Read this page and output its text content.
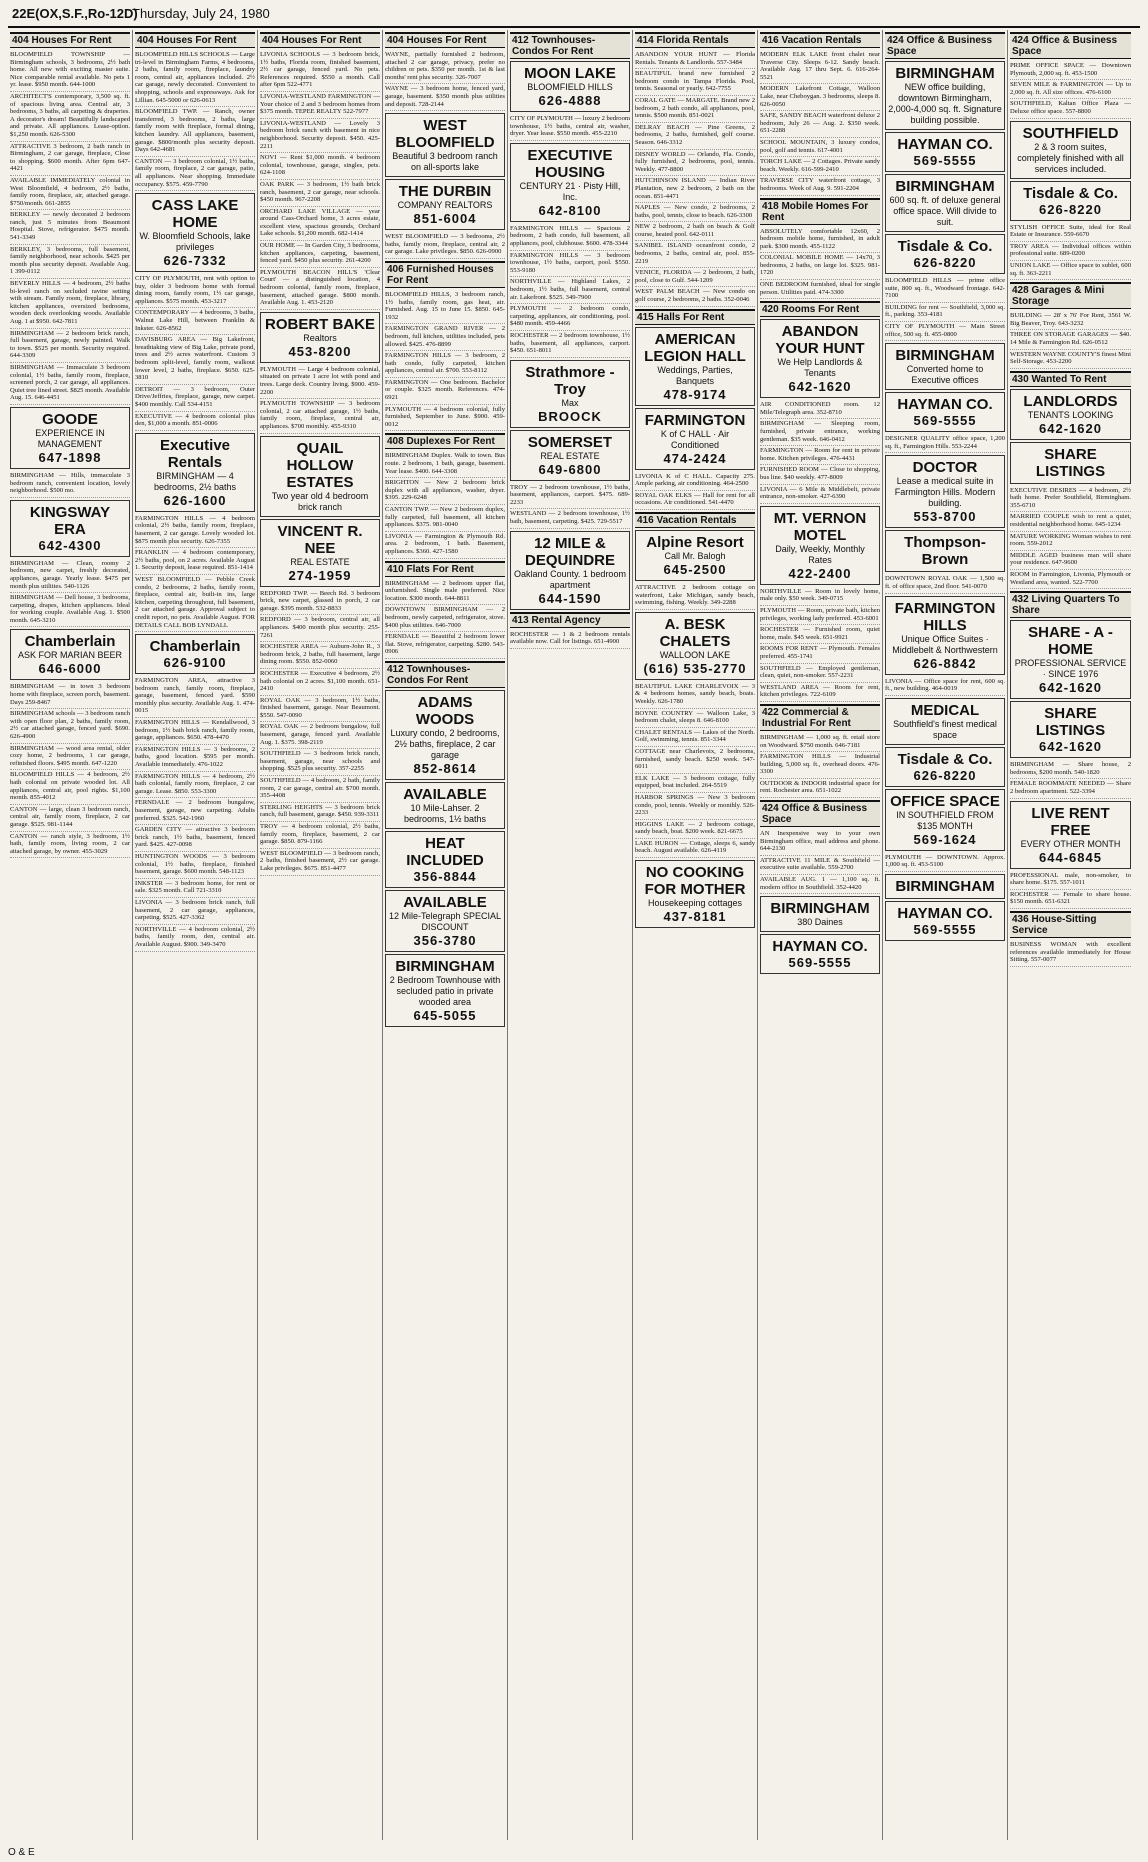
22E(OX,S.F.,Ro-12D)
Thursday, July 24, 1980
404 Houses For Rent
BLOOMFIELD TOWNSHIP — Birmingham schools, 3 bedrooms, 2½ bath home. All new with exciting master suite. Nice comparable rental available. No pets 1 yr. lease. $950 month. 644-1000
ARCHITECT'S contemporary, 3,500 sq. ft. of spacious living area. Central air, 3 bedrooms, 3 baths, all carpeting & draperies. A decorator's dream! Beautifully landscaped and private. All appliances. Lease-option. $1,250 month. 626-5300
ATTRACTIVE 3 bedroom, 2 bath ranch in Birmingham, 2 car garage, fireplace, Close to shopping. $600 month. After 6pm 647-4421
AVAILABLE IMMEDIATELY colonial in West Bloomfield, 4 bedroom, 2½ baths, family room, fireplace, air, attached garage. $750/month. 661-2855
BERKLEY — newly decorated 2 bedroom ranch, just 5 minutes from Beaumont Hospital. Stove, refrigerator. $475 month. 541-3349
BERKLEY, 3 bedrooms, full basement, family neighborhood, near schools. $425 per month plus security deposit. Available Aug. 1 399-0112
BEVERLY HILLS — 4 bedroom, 2½ baths bi-level ranch on secluded ravine setting with stream. Family room, fireplace, library, kitchen appliances, oversized bedrooms, wooden deck overlooking woods. Available Aug. 1 at $950. 642-7811
BIRMINGHAM — 2 bedroom brick ranch, full basement, garage, newly painted. Walk to town. $525 per month. Security required. 644-3309
BIRMINGHAM — Immaculate 3 bedroom colonial, 1½ baths, family room, fireplace, screened porch, 2 car garage, all appliances. Quiet tree lined street. $825 month. Available Aug. 15. 646-4451
GOODE
EXPERIENCE IN MANAGEMENT
647-1898
BIRMINGHAM — Hills, immaculate 3 bedroom ranch, convenient location, lovely neighborhood. $500 mo.
KINGSWAY ERA
642-4300
BIRMINGHAM — Clean, roomy 2 bedroom, new carpet, freshly decorated, appliances, garage. Yearly lease. $475 per month plus utilities. 540-1126
BIRMINGHAM — Dell house, 3 bedrooms, carpeting, drapes, kitchen appliances. Ideal for working couple. Available Aug. 1. $500 month. 645-3210
Chamberlain
ASK FOR MARIAN BEER
646-6000
BIRMINGHAM — in town 3 bedroom home with fireplace, screen porch, basement. Days 259-8467
BIRMINGHAM schools — 3 bedroom ranch with open floor plan, 2 baths, family room, 2½ car attached garage, fenced yard. $690. 626-4900
BIRMINGHAM — wood area rental, older cozy home, 2 bedrooms, 1 car garage, refinished floors. $495 month. 647-1220
BLOOMFIELD HILLS — 4 bedroom, 2½ bath colonial on private wooded lot. All appliances, central air, pool rights. $1,100 month. 855-4012
CANTON — large, clean 3 bedroom ranch, central air, family room, fireplace, 2 car garage. $525. 981-1144
CANTON — ranch style, 3 bedroom, 1½ bath, family room, living room, 2 car attached garage, by owner. 455-3029
404 Houses For Rent
BLOOMFIELD HILLS SCHOOLS — Large tri-level in Birmingham Farms, 4 bedrooms, 2 baths, family room, fireplace, laundry room, central air, appliances included. 2½ car garage, newly decorated. Convenient to shopping, schools and expressways. Ask for Lillian. 645-5000 or 626-0613
BLOOMFIELD TWP. — Ranch, owner transferred, 3 bedrooms, 2 baths, large family room with fireplace, formal dining, kitchen laundry. All appliances, basement, garage. $800/month plus security deposit. Days 642-4681
CANTON — 3 bedroom colonial, 1½ baths, family room, fireplace, 2 car garage, patio, all appliances. Near shopping. Immediate occupancy. $575. 459-7790
CASS LAKE HOME
W. Bloomfield Schools, lake privileges
626-7332
CITY OF PLYMOUTH, rent with option to buy, older 3 bedroom home with formal dining room, family room, 1½ car garage, appliances. $575 month. 453-3217
CONTEMPORARY — 4 bedrooms, 3 baths, Walnut Lake Hill, between Franklin & Inkster. 626-8562
DAVISBURG AREA — Big Lakefront, breathtaking view of Big Lake, private pond, trees and 2½ acres waterfront. Custom 3 bedroom split-level, family room, walkout lower level, 2 baths, fireplace. $650. 625-3810
DETROIT — 3 bedroom, Outer Drive/Jeffries, fireplace, garage, new carpet. $400 monthly. Call 534-4151
EXECUTIVE — 4 bedroom colonial plus den, $1,000 a month. 851-0006
Executive Rentals
BIRMINGHAM — 4 bedrooms, 2½ baths
626-1600
FARMINGTON HILLS — 4 bedroom colonial, 2½ baths, family room, fireplace, basement, 2 car garage. Lovely wooded lot. $875 month plus security. 626-7355
FRANKLIN — 4 bedroom contemporary, 2½ baths, pool, on 2 acres. Available August 1. Security deposit, lease required. 851-1414
WEST BLOOMFIELD — Pebble Creek condo, 2 bedrooms, 2 baths, family room, fireplace, central air, built-in ins, large kitchen, carpeting throughout, full basement, 2 car attached garage. Approval subject to credit report, no pets. Available August. FOR DETAILS CALL BOB LYNDALL
Chamberlain
626-9100
FARMINGTON AREA, attractive 3 bedroom ranch, family room, fireplace, garage, basement, fenced yard. $590 monthly plus security. Available Aug. 1. 474-0015
FARMINGTON HILLS — Kendallwood, 3 bedroom, 1½ bath brick ranch, family room, garage, appliances. $650. 478-4470
FARMINGTON HILLS — 3 bedrooms, 2 baths, good location. $595 per month. Available immediately. 476-1022
FARMINGTON HILLS — 4 bedroom, 2½ bath colonial, family room, fireplace, 2 car garage. Lease. $850. 553-3300
FERNDALE — 2 bedroom bungalow, basement, garage, new carpeting. Adults preferred. $325. 542-1960
GARDEN CITY — attractive 3 bedroom brick ranch, 1½ baths, basement, fenced yard. $425. 427-0098
HUNTINGTON WOODS — 3 bedroom colonial, 1½ baths, fireplace, finished basement, garage. $600 month. 548-1123
INKSTER — 3 bedroom home, for rent or sale. $325 month. Call 721-3310
LIVONIA — 3 bedroom brick ranch, full basement, 2 car garage, appliances, carpeting. $525. 427-3362
NORTHVILLE — 4 bedroom colonial, 2½ baths, family room, den, central air. Available August. $900. 349-3470
404 Houses For Rent
LIVONIA SCHOOLS — 3 bedroom brick, 1½ baths, Florida room, finished basement, 2½ car garage, fenced yard. No pets. References required. $550 a month. Call after 6pm 522-4771
LIVONIA-WESTLAND FARMINGTON — Your choice of 2 and 3 bedroom homes from $375 month. TEPEE REALTY 522-7977
LIVONIA-WESTLAND — Lovely 3 bedroom brick ranch with basement in nice neighborhood. Security deposit. $450. 425-2211
NOVI — Rent $1,000 month. 4 bedroom colonial, townhouse, garage, singles, pets. 624-1108
OAK PARK — 3 bedroom, 1½ bath brick ranch, basement, 2 car garage, near schools. $450 month. 967-2208
ORCHARD LAKE VILLAGE — year around Cass-Orchard home, 3 acres estate, excellent view, spacious grounds, Orchard Lake schools. $1,200 month. 682-1414
OUR HOME — In Garden City, 3 bedrooms, kitchen appliances, carpeting, basement, fenced yard. $450 plus security. 261-4200
PLYMOUTH BEACON HILL'S 'Clear Court' — a distinguished location, 4 bedroom colonial, family room, fireplace, basement, attached garage. $800 month. Available Aug. 1. 453-2120
ROBERT BAKE
Realtors
453-8200
PLYMOUTH — Large 4 bedroom colonial, situated on private 1 acre lot with pond and trees. Large deck. Country living. $900. 459-2200
PLYMOUTH TOWNSHIP — 3 bedroom colonial, 2 car attached garage, 1½ baths, family room, fireplace, central air, appliances. $700 monthly. 455-9310
QUAIL HOLLOW ESTATES
Two year old 4 bedroom brick ranch
VINCENT R. NEE
REAL ESTATE
274-1959
REDFORD TWP. — Beech Rd. 3 bedroom brick, new carpet, glassed in porch, 2 car garage. $395 month. 532-8833
REDFORD — 3 bedroom, central air, all appliances. $400 month plus security. 255-7261
ROCHESTER AREA — Auburn-John R., 3 bedroom brick, 2 baths, full basement, large dining room. $550. 852-0060
ROCHESTER — Executive 4 bedroom, 2½ bath colonial on 2 acres. $1,100 month. 651-2410
ROYAL OAK — 3 bedroom, 1½ baths, finished basement, garage. Near Beaumont. $550. 547-0090
ROYAL OAK — 2 bedroom bungalow, full basement, garage, fenced yard. Available Aug. 1. $375. 398-2119
SOUTHFIELD — 3 bedroom brick ranch, basement, garage, near schools and shopping. $525 plus security. 357-2255
SOUTHFIELD — 4 bedroom, 2 bath, family room, 2 car garage, central air. $700 month. 355-4408
STERLING HEIGHTS — 3 bedroom brick ranch, full basement, garage. $450. 939-3311
TROY — 4 bedroom colonial, 2½ baths, family room, fireplace, basement, 2 car garage. $850. 879-1166
WEST BLOOMFIELD — 3 bedroom ranch, 2 baths, finished basement, 2½ car garage. Lake privileges. $675. 851-4477
404 Houses For Rent
WAYNE, partially furnished 2 bedroom, attached 2 car garage, privacy, prefer no children or pets. $350 per month. 1st & last months' rent plus security. 326-7007
WAYNE — 3 bedroom home, fenced yard, garage, basement. $350 month plus utilities and deposit. 728-2144
WEST BLOOMFIELD
Beautiful 3 bedroom ranch on all-sports lake
THE DURBIN
COMPANY REALTORS
851-6004
WEST BLOOMFIELD — 3 bedrooms, 2½ baths, family room, fireplace, central air, 2 car garage. Lake privileges. $850. 626-0900
406 Furnished Houses For Rent
BLOOMFIELD HILLS, 3 bedroom ranch, 1½ baths, family room, gas heat, air. Furnished. Aug. 15 to June 15. $850. 645-1932
FARMINGTON GRAND RIVER — 2 bedroom, full kitchen, utilities included, pets allowed. $425. 476-8899
FARMINGTON HILLS — 3 bedroom, 2 bath condo, fully carpeted, kitchen appliances, central air. $700. 553-8112
FARMINGTON — One bedroom. Bachelor or couple. $325 month. References. 474-6921
PLYMOUTH — 4 bedroom colonial, fully furnished, September to June. $900. 459-0012
408 Duplexes For Rent
BIRMINGHAM Duplex. Walk to town. Bus route. 2 bedroom, 1 bath, garage, basement. Year lease. $400. 644-3308
BRIGHTON — New 2 bedroom brick duplex with all appliances, washer, dryer. $395. 229-6248
CANTON TWP. — New 2 bedroom duplex, fully carpeted, full basement, all kitchen appliances. $375. 981-0040
LIVONIA — Farmington & Plymouth Rd. area. 2 bedroom, 1 bath. Basement, appliances. $360. 427-1580
410 Flats For Rent
BIRMINGHAM — 2 bedroom upper flat, unfurnished. Single male preferred. Nice location. $300 month. 644-8811
DOWNTOWN BIRMINGHAM — 2 bedroom, newly carpeted, refrigerator, stove. $400 plus utilities. 646-7000
FERNDALE — Beautiful 2 bedroom lower flat. Stove, refrigerator, carpeting. $280. 543-0906
412 Townhouses-Condos For Rent
ADAMS WOODS
Luxury condo, 2 bedrooms, 2½ baths, fireplace, 2 car garage
852-8614
AVAILABLE
10 Mile-Lahser. 2 bedrooms, 1½ baths
HEAT INCLUDED
356-8844
AVAILABLE
12 Mile-Telegraph SPECIAL DISCOUNT
356-3780
BIRMINGHAM
2 Bedroom Townhouse with secluded patio in private wooded area
645-5055
412 Townhouses-Condos For Rent
MOON LAKE
BLOOMFIELD HILLS
626-4888
CITY OF PLYMOUTH — luxury 2 bedroom townhouse, 1½ baths, central air, washer, dryer. Year lease. $550 month. 455-2210
EXECUTIVE HOUSING
CENTURY 21 · Pisty Hill, Inc.
642-8100
FARMINGTON HILLS — Spacious 2 bedroom, 2 bath condo, full basement, all appliances, pool, clubhouse. $600. 478-3344
FARMINGTON HILLS — 3 bedroom townhouse, 1½ baths, carport, pool. $550. 553-9180
NORTHVILLE — Highland Lakes, 2 bedroom, 1½ baths, full basement, central air. Lakefront. $525. 349-7900
PLYMOUTH — 2 bedroom condo, carpeting, appliances, air conditioning, pool. $480 month. 459-4466
ROCHESTER — 2 bedroom townhouse, 1½ baths, basement, all appliances, carport. $450. 651-8011
Strathmore - Troy
Max
BROOCK
SOMERSET
REAL ESTATE
649-6800
TROY — 2 bedroom townhouse, 1½ baths, basement, appliances, carport. $475. 689-2233
WESTLAND — 2 bedroom townhouse, 1½ bath, basement, carpeting. $425. 729-5517
12 MILE & DEQUINDRE
Oakland County. 1 bedroom apartment
644-1590
413 Rental Agency
ROCHESTER — 1 & 2 bedroom rentals available now. Call for listings. 651-4900
414 Florida Rentals
ABANDON YOUR HUNT — Florida Rentals. Tenants & Landlords. 557-3484
BEAUTIFUL brand new furnished 2 bedroom condo in Tampa Florida. Pool, tennis. Seasonal or yearly. 642-7755
CORAL GATE — MARGATE. Brand new 2 bedroom, 2 bath condo, all appliances, pool, tennis. $500 month. 851-0021
DELRAY BEACH — Pine Greens, 2 bedrooms, 2 baths, furnished, golf course. Season. 646-3312
DISNEY WORLD — Orlando, Fla. Condo, fully furnished, 2 bedrooms, pool, tennis. Weekly. 477-8800
HUTCHINSON ISLAND — Indian River Plantation, new 2 bedroom, 2 bath on the ocean. 851-4471
NAPLES — New condo, 2 bedrooms, 2 baths, pool, tennis, close to beach. 626-3300
NEW 2 bedroom, 2 bath on beach & Golf course, heated pool. 642-0111
SANIBEL ISLAND oceanfront condo, 2 bedrooms, 2 baths, central air, pool. 855-2219
VENICE, FLORIDA — 2 bedroom, 2 bath, pool, close to Gulf. 544-1209
WEST PALM BEACH — New condo on golf course, 2 bedrooms, 2 baths. 352-0046
415 Halls For Rent
AMERICAN LEGION HALL
Weddings, Parties, Banquets
478-9174
FARMINGTON
K of C HALL · Air Conditioned
474-2424
LIVONIA K of C HALL. Capacity 275. Ample parking, air conditioning. 464-2500
ROYAL OAK ELKS — Hall for rent for all occasions. Air conditioned. 541-4470
416 Vacation Rentals
Alpine Resort
Call Mr. Balogh
645-2500
ATTRACTIVE 2 bedroom cottage on waterfront, Lake Michigan, sandy beach, swimming, fishing. Weekly. 349-2288
A. BESK CHALETS
WALLOON LAKE
(616) 535-2770
BEAUTIFUL LAKE CHARLEVOIX — 3 & 4 bedroom homes, sandy beach, boats. Weekly. 626-1780
BOYNE COUNTRY — Walloon Lake, 3 bedroom chalet, sleeps 8. 646-8100
CHALET RENTALS — Lakes of the North. Golf, swimming, tennis. 851-3344
COTTAGE near Charlevoix, 2 bedrooms, furnished, sandy beach. $250 week. 547-6011
ELK LAKE — 3 bedroom cottage, fully equipped, boat included. 264-5519
HARBOR SPRINGS — New 3 bedroom condo, pool, tennis. Weekly or monthly. 526-2233
HIGGINS LAKE — 2 bedroom cottage, sandy beach, boat. $200 week. 821-6675
LAKE HURON — Cottage, sleeps 6, sandy beach. August available. 626-4119
NO COOKING FOR MOTHER
Housekeeping cottages
437-8181
416 Vacation Rentals
MODERN ELK LAKE front chalet near Traverse City. Sleeps 6-12. Sandy beach. Available Aug. 17 thru Sept. 6. 616-264-5521
MODERN Lakefront Cottage, Walloon Lake, near Cheboygan. 3 bedrooms, sleeps 8. 626-0050
SAFE, SANDY BEACH waterfront deluxe 2 bedroom, July 26 — Aug. 2. $350 week. 651-2288
SCHOOL MOUNTAIN, 3 luxury condos, pool, golf and tennis. 617-4001
TORCH LAKE — 2 Cottages. Private sandy beach. Weekly. 616-599-2410
TRAVERSE CITY waterfront cottage, 3 bedrooms. Week of Aug. 9. 591-2204
418 Mobile Homes For Rent
ABSOLUTELY comfortable 12x60, 2 bedroom mobile home, furnished, in adult park. $300 month. 455-1122
COLONIAL MOBILE HOME — 14x70, 3 bedrooms, 2 baths, on large lot. $325. 981-1720
ONE BEDROOM furnished, ideal for single person. Utilities paid. 474-3300
420 Rooms For Rent
ABANDON YOUR HUNT
We Help Landlords & Tenants
642-1620
AIR CONDITIONED room. 12 Mile/Telegraph area. 352-8710
BIRMINGHAM — Sleeping room, furnished, private entrance, working gentleman. $35 week. 646-0412
FARMINGTON — Room for rent in private home. Kitchen privileges. 476-4431
FURNISHED ROOM — Close to shopping, bus line. $40 weekly. 477-8009
LIVONIA — 6 Mile & Middlebelt, private entrance, non-smoker. 427-6390
MT. VERNON MOTEL
Daily, Weekly, Monthly Rates
422-2400
NORTHVILLE — Room in lovely home, male only. $50 week. 349-0715
PLYMOUTH — Room, private bath, kitchen privileges, working lady preferred. 453-6001
ROCHESTER — Furnished room, quiet home, male. $45 week. 651-9921
ROOMS FOR RENT — Plymouth. Females preferred. 455-1741
SOUTHFIELD — Employed gentleman, clean, quiet, non-smoker. 557-2231
WESTLAND AREA — Room for rent, kitchen privileges. 722-6109
422 Commercial & Industrial For Rent
BIRMINGHAM — 1,000 sq. ft. retail store on Woodward. $750 month. 646-7181
FARMINGTON HILLS — Industrial building, 5,000 sq. ft., overhead doors. 476-3300
OUTDOOR & INDOOR industrial space for rent. Rochester area. 651-1022
424 Office & Business Space
AN Inexpensive way to your own Birmingham office, mail address and phone. 644-2130
ATTRACTIVE 11 MILE & Southfield — executive suite available. 559-2700
AVAILABLE AUG. 1 — 1,100 sq. ft. modern office in Southfield. 352-4420
BIRMINGHAM
380 Daines
HAYMAN CO.
569-5555
424 Office & Business Space
BIRMINGHAM
NEW office building, downtown Birmingham, 2,000-4,000 sq. ft. Signature building possible.
HAYMAN CO.
569-5555
BIRMINGHAM
600 sq. ft. of deluxe general office space. Will divide to suit.
Tisdale & Co.
626-8220
BLOOMFIELD HILLS — prime office suite, 800 sq. ft., Woodward frontage. 642-7100
BUILDING for rent — Southfield, 3,000 sq. ft., parking. 353-4181
CITY OF PLYMOUTH — Main Street office, 500 sq. ft. 455-0800
BIRMINGHAM
Converted home to Executive offices
HAYMAN CO.
569-5555
DESIGNER QUALITY office space, 1,200 sq. ft., Farmington Hills. 553-2244
DOCTOR
Lease a medical suite in Farmington Hills. Modern building.
553-8700
Thompson-Brown
DOWNTOWN ROYAL OAK — 1,500 sq. ft. of office space, 2nd floor. 541-0070
FARMINGTON HILLS
Unique Office Suites · Middlebelt & Northwestern
626-8842
LIVONIA — Office space for rent, 600 sq. ft., new building. 464-0019
MEDICAL
Southfield's finest medical space
Tisdale & Co.
626-8220
OFFICE SPACE
IN SOUTHFIELD FROM $135 MONTH
569-1624
PLYMOUTH — DOWNTOWN. Approx. 1,000 sq. ft. 453-5100
BIRMINGHAM
HAYMAN CO.
569-5555
424 Office & Business Space
PRIME OFFICE SPACE — Downtown Plymouth, 2,000 sq. ft. 453-1500
SEVEN MILE & FARMINGTON — Up to 2,000 sq. ft. All size offices. 476-6100
SOUTHFIELD, Kaltan Office Plaza — Deluxe office space. 557-8800
SOUTHFIELD
2 & 3 room suites, completely finished with all services included.
Tisdale & Co.
626-8220
STYLISH OFFICE Suite, ideal for Real Estate or Insurance. 559-6670
TROY AREA — Individual offices within professional suite. 689-0200
UNION LAKE — Office space to sublet, 600 sq. ft. 363-2211
428 Garages & Mini Storage
BUILDING — 28' x 76' For Rent, 3561 W. Big Beaver, Troy. 643-3232
THREE ON STORAGE GARAGES — $40. 14 Mile & Farmington Rd. 626-0512
WESTERN WAYNE COUNTY'S finest Mini Self-Storage. 453-2200
430 Wanted To Rent
LANDLORDS
TENANTS LOOKING
642-1620
SHARE LISTINGS
EXECUTIVE DESIRES — 4 bedroom, 2½ bath home. Prefer Southfield, Birmingham. 355-6710
MARRIED COUPLE wish to rent a quiet, residential neighborhood home. 645-1234
MATURE WORKING Woman wishes to rent room. 559-2012
MIDDLE AGED business man will share your residence. 647-9600
ROOM in Farmington, Livonia, Plymouth or Westland area, wanted. 522-7700
432 Living Quarters To Share
SHARE - A - HOME
PROFESSIONAL SERVICE · SINCE 1976
642-1620
SHARE LISTINGS
642-1620
BIRMINGHAM — Share house, 2 bedrooms, $200 month. 540-1820
FEMALE ROOMMATE NEEDED — Share 2 bedroom apartment. 522-3394
LIVE RENT FREE
EVERY OTHER MONTH
644-6845
PROFESSIONAL male, non-smoker, to share home. $175. 557-1011
ROCHESTER — Female to share house. $150 month. 651-6321
436 House-Sitting Service
BUSINESS WOMAN with excellent references available immediately for House Sitting. 557-0077
O & E
